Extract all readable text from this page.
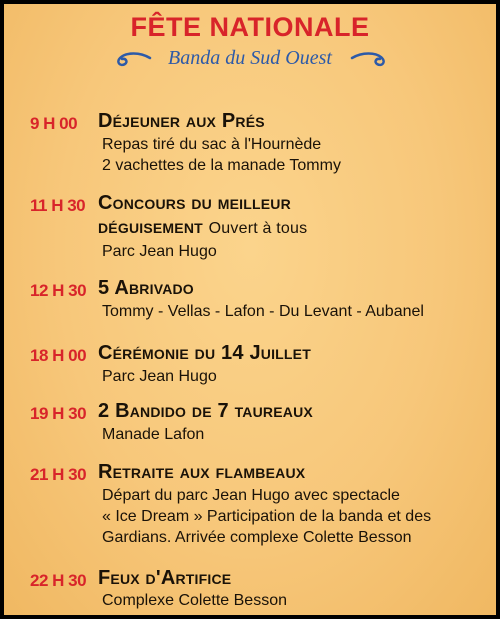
FÊTE NATIONALE
Banda du Sud Ouest
9 H 00	Déjeuner aux Prés
Repas tiré du sac à l'Hournède
2 vachettes de la manade Tommy
11 H 30 Concours du meilleur
déguisement Ouvert à tous
Parc Jean Hugo
12 H 30 5 Abrivado
Tommy - Vellas - Lafon - Du Levant - Aubanel
18 H 00 Cérémonie du 14 Juillet
Parc Jean Hugo
19 H 30 2 Bandido de 7 taureaux
Manade Lafon
21 H 30 Retraite aux flambeaux
Départ du parc Jean Hugo avec spectacle
« Ice Dream » Participation de la banda et des
Gardians. Arrivée complexe Colette Besson
22 H 30 Feux d'Artifice
Complexe Colette Besson
